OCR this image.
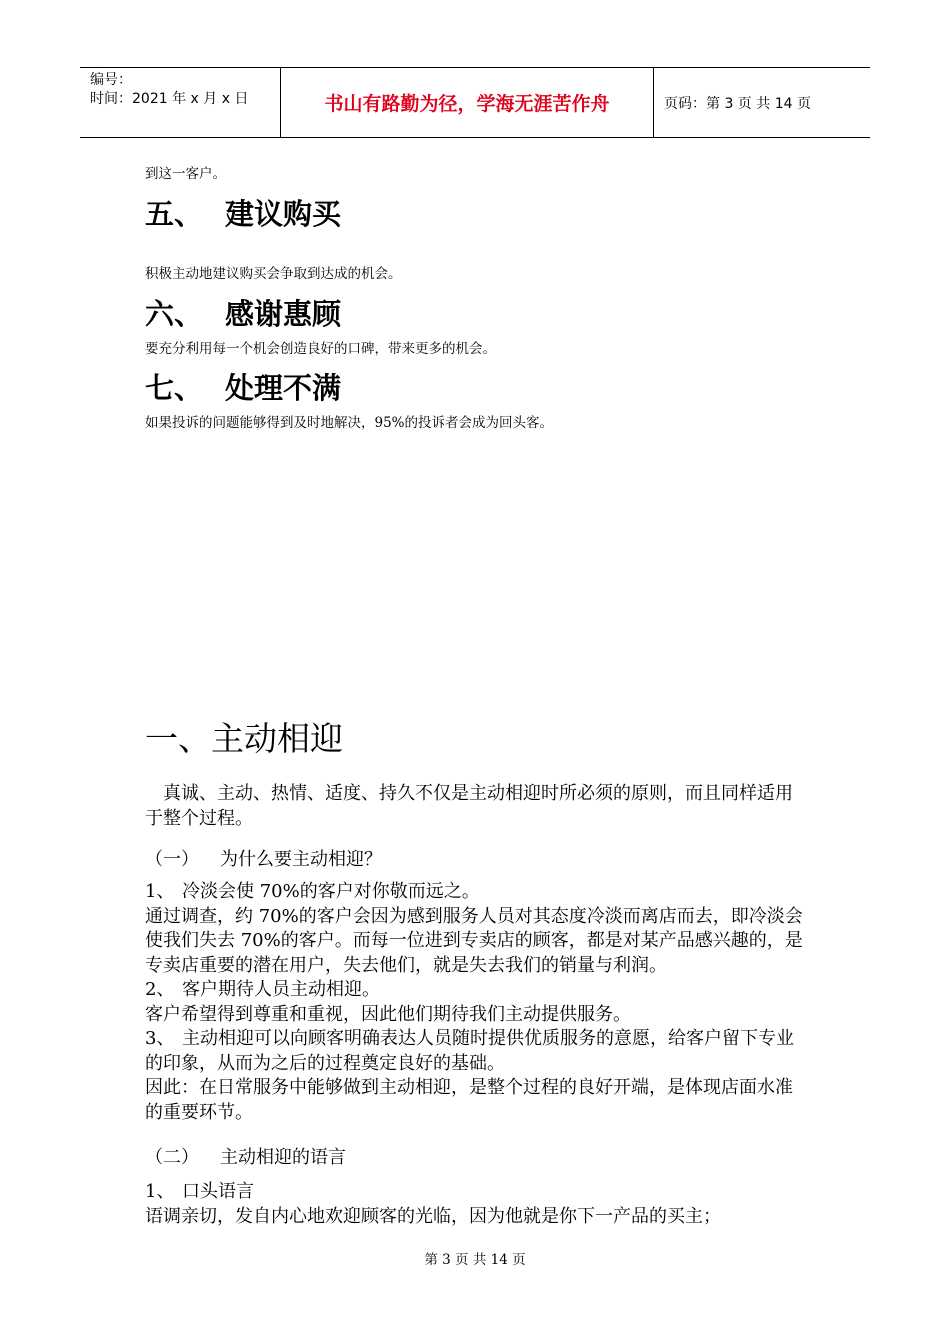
编号：
时间：2021 年 x 月 x 日	书山有路勤为径，学海无涯苦作舟	页码：第 3 页 共 14 页
到这一客户。
五、 建议购买
积极主动地建议购买会争取到达成的机会。
六、 感谢惠顾
要充分利用每一个机会创造良好的口碑，带来更多的机会。
七、 处理不满
如果投诉的问题能够得到及时地解决，95%的投诉者会成为回头客。
一、主动相迎
　真诚、主动、热情、适度、持久不仅是主动相迎时所必须的原则，而且同样适用于整个过程。
（一） 为什么要主动相迎？
1、 冷淡会使 70%的客户对你敬而远之。
通过调查，约 70%的客户会因为感到服务人员对其态度冷淡而离店而去，即冷淡会使我们失去 70%的客户。而每一位进到专卖店的顾客，都是对某产品感兴趣的，是专卖店重要的潜在用户，失去他们，就是失去我们的销量与利润。
2、 客户期待人员主动相迎。
客户希望得到尊重和重视，因此他们期待我们主动提供服务。
3、 主动相迎可以向顾客明确表达人员随时提供优质服务的意愿，给客户留下专业的印象，从而为之后的过程奠定良好的基础。
因此：在日常服务中能够做到主动相迎，是整个过程的良好开端，是体现店面水准的重要环节。
（二） 主动相迎的语言
1、 口头语言
语调亲切，发自内心地欢迎顾客的光临，因为他就是你下一产品的买主；
第 3 页 共 14 页
